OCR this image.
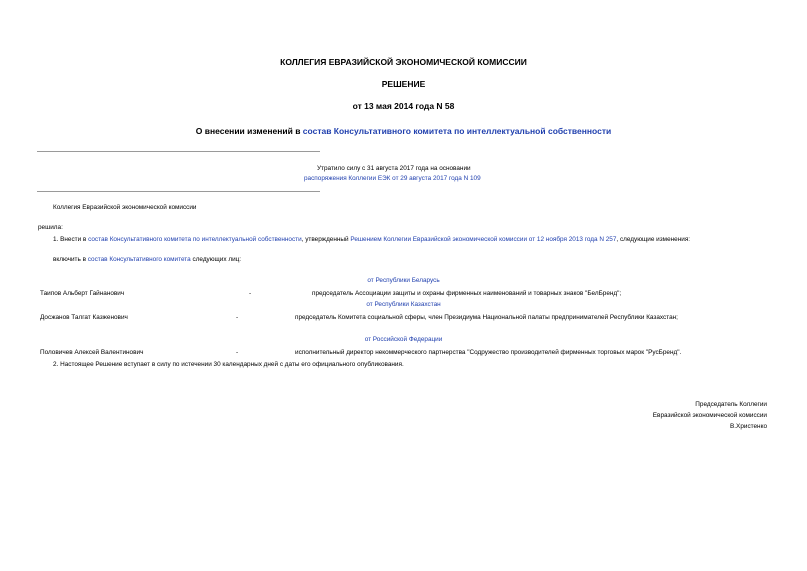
КОЛЛЕГИЯ ЕВРАЗИЙСКОЙ ЭКОНОМИЧЕСКОЙ КОМИССИИ
РЕШЕНИЕ
от 13 мая 2014 года N 58
О внесении изменений в состав Консультативного комитета по интеллектуальной собственности
Утратило силу с 31 августа 2017 года на основании
распоряжения Коллегии ЕЭК от 29 августа 2017 года N 109
Коллегия Евразийской экономической комиссии
решила:
1. Внести в состав Консультативного комитета по интеллектуальной собственности, утвержденный Решением Коллегии Евразийской экономической комиссии от 12 ноября 2013 года N 257, следующие изменения:
включить в состав Консультативного комитета следующих лиц:
от Республики Беларусь
Таипов Альберт Гайнанович	-	председатель Ассоциации защиты и охраны фирменных наименований и товарных знаков "БелБренд";
от Республики Казахстан
Досжанов Талгат Казженович	-	председатель Комитета социальной сферы, член Президиума Национальной палаты предпринимателей Республики Казахстан;
от Российской Федерации
Половичев Алексей Валентинович	-	исполнительный директор некоммерческого партнерства "Содружество производителей фирменных торговых марок "РусБренд".
2. Настоящее Решение вступает в силу по истечении 30 календарных дней с даты его официального опубликования.
Председатель Коллегии
Евразийской экономической комиссии
В.Христенко
